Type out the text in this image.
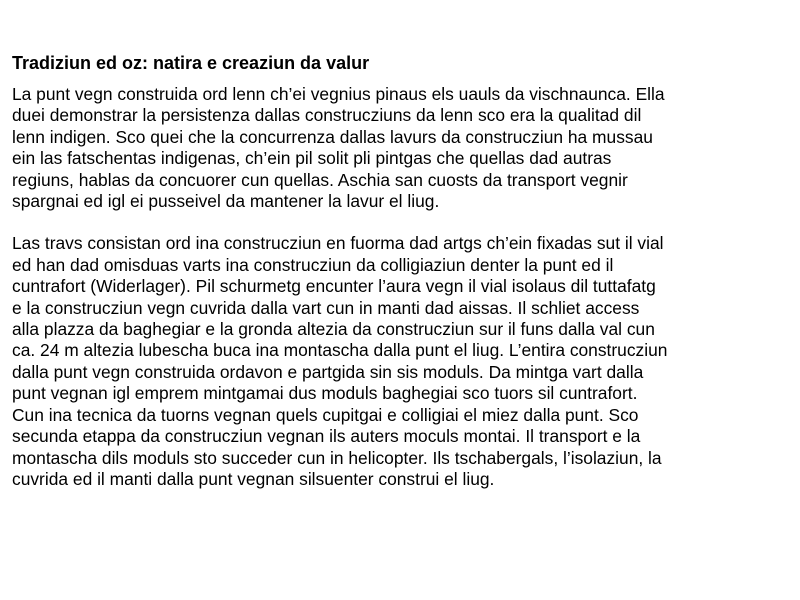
Tradiziun ed oz: natira e creaziun da valur

La punt vegn construida ord lenn ch’ei vegnius pinaus els uauls da vischnaunca. Ella
duei demonstrar la persistenza dallas construcziuns da lenn sco era la qualitad dil
lenn indigen. Sco quei che la concurrenza dallas lavurs da construcziun ha mussau
ein las fatschentas indigenas, ch’ein pil solit pli pintgas che quellas dad autras
regiuns, hablas da concuorer cun quellas. Aschia san cuosts da transport vegnir
spargnai ed igl ei pusseivel da mantener la lavur el liug.

Las travs consistan ord ina construcziun en fuorma dad artgs ch’ein fixadas sut il vial
ed han dad omisduas varts ina construcziun da colligiaziun denter la punt ed il
cuntrafort (Widerlager). Pil schurmetg encunter l’aura vegn il vial isolaus dil tuttafatg
e la construcziun vegn cuvrida dalla vart cun in manti dad aissas. Il schliet access
alla plazza da baghegiar e la gronda altezia da construcziun sur il funs dalla val cun
ca. 24 m altezia lubescha buca ina montascha dalla punt el liug. L’entira construcziun
dalla punt vegn construida ordavon e partgida sin sis moduls. Da mintga vart dalla
punt vegnan igl emprem mintgamai dus moduls baghegiai sco tuors sil cuntrafort.
Cun ina tecnica da tuorns vegnan quels cupitgai e colligiai el miez dalla punt. Sco
secunda etappa da construcziun vegnan ils auters moculs montai. Il transport e la
montascha dils moduls sto succeder cun in helicopter. Ils tschabergals, l’isolaziun, la
cuvrida ed il manti dalla punt vegnan silsuenter construi el liug.
